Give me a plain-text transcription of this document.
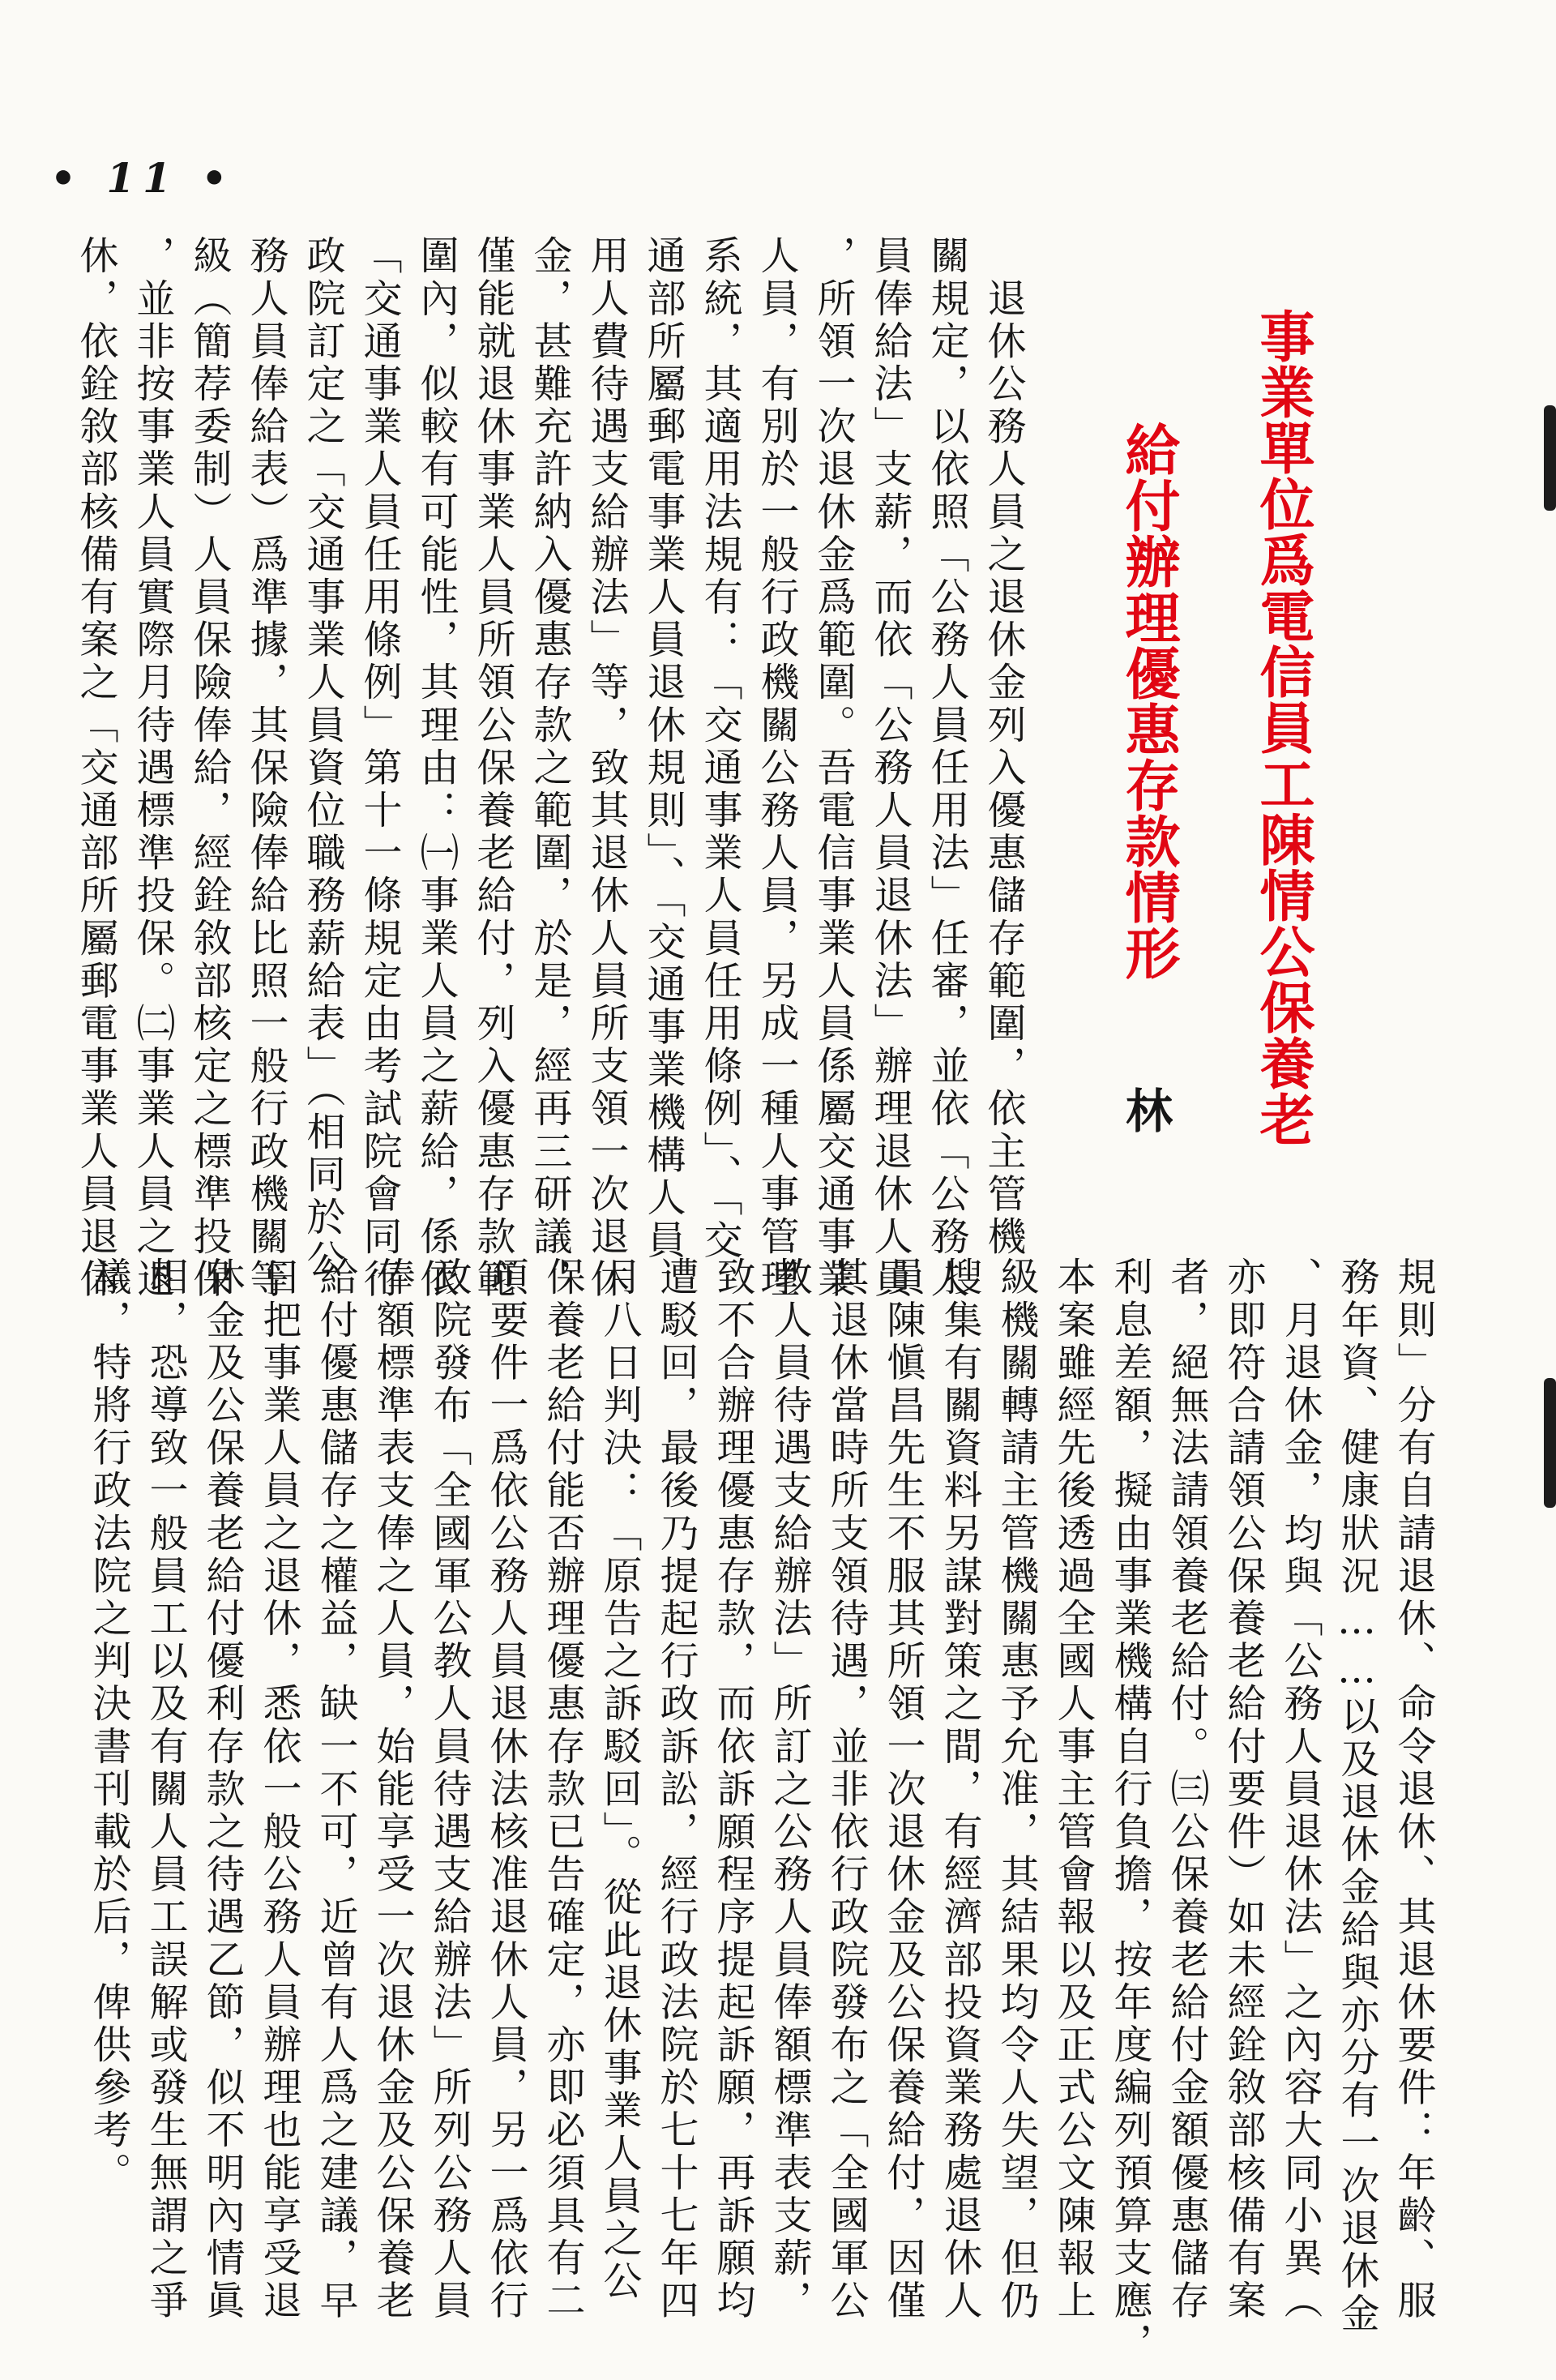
• 11 •
事業單位爲電信員工陳情公保養老
給付辦理優惠存款情形
林
　退休公務人員之退休金列入優惠儲存範圍，依主管機
關規定，以依照「公務人員任用法」任審，並依「公務人
員俸給法」支薪，而依「公務人員退休法」辦理退休人員
，所領一次退休金爲範圍。吾電信事業人員係屬交通事業
人員，有別於一般行政機關公務人員，另成一種人事管理
系統，其適用法規有：「交通事業人員任用條例」、「交
通部所屬郵電事業人員退休規則」、「交通事業機構人員
用人費待遇支給辦法」等，致其退休人員所支領一次退休
金，甚難充許納入優惠存款之範圍，於是，經再三研議，
僅能就退休事業人員所領公保養老給付，列入優惠存款範
圍內，似較有可能性，其理由：㈠事業人員之薪給，係依
「交通事業人員任用條例」第十一條規定由考試院會同行
政院訂定之「交通事業人員資位職務薪給表」（相同於公
務人員俸給表）爲準據，其保險俸給比照一般行政機關等
級（簡荐委制）人員保險俸給，經銓敘部核定之標準投保
，並非按事業人員實際月待遇標準投保。㈡事業人員之退
休，依銓敘部核備有案之「交通部所屬郵電事業人員退休
規則」分有自請退休、命令退休、其退休要件：年齡、服
務年資、健康狀況……以及退休金給與亦分有一次退休金
、月退休金，均與「公務人員退休法」之內容大同小異（
亦即符合請領公保養老給付要件）如未經銓敘部核備有案
者，絕無法請領養老給付。㈢公保養老給付金額優惠儲存
利息差額，擬由事業機構自行負擔，按年度編列預算支應，
本案雖經先後透過全國人事主管會報以及正式公文陳報上
級機關轉請主管機關惠予允准，其結果均令人失望，但仍
搜集有關資料另謀對策之間，有經濟部投資業務處退休人
員陳愼昌先生不服其所領一次退休金及公保養給付，因僅
其退休當時所支領待遇，並非依行政院發布之「全國軍公
教人員待遇支給辦法」所訂之公務人員俸額標準表支薪，
致不合辦理優惠存款，而依訴願程序提起訴願，再訴願均
遭駁回，最後乃提起行政訴訟，經行政法院於七十七年四
月八日判決：「原告之訴駁回」。從此退休事業人員之公
保養老給付能否辦理優惠存款已告確定，亦即必須具有二
項要件一爲依公務人員退休法核准退休人員，另一爲依行
政院發布「全國軍公教人員待遇支給辦法」所列公務人員
俸額標準表支俸之人員，始能享受一次退休金及公保養老
給付優惠儲存之權益，缺一不可，近曾有人爲之建議，早
日把事業人員之退休，悉依一般公務人員辦理也能享受退
休金及公保養老給付優利存款之待遇乙節，似不明內情眞
相，恐導致一般員工以及有關人員工誤解或發生無謂之爭
議，特將行政法院之判決書刊載於后，俾供參考。
